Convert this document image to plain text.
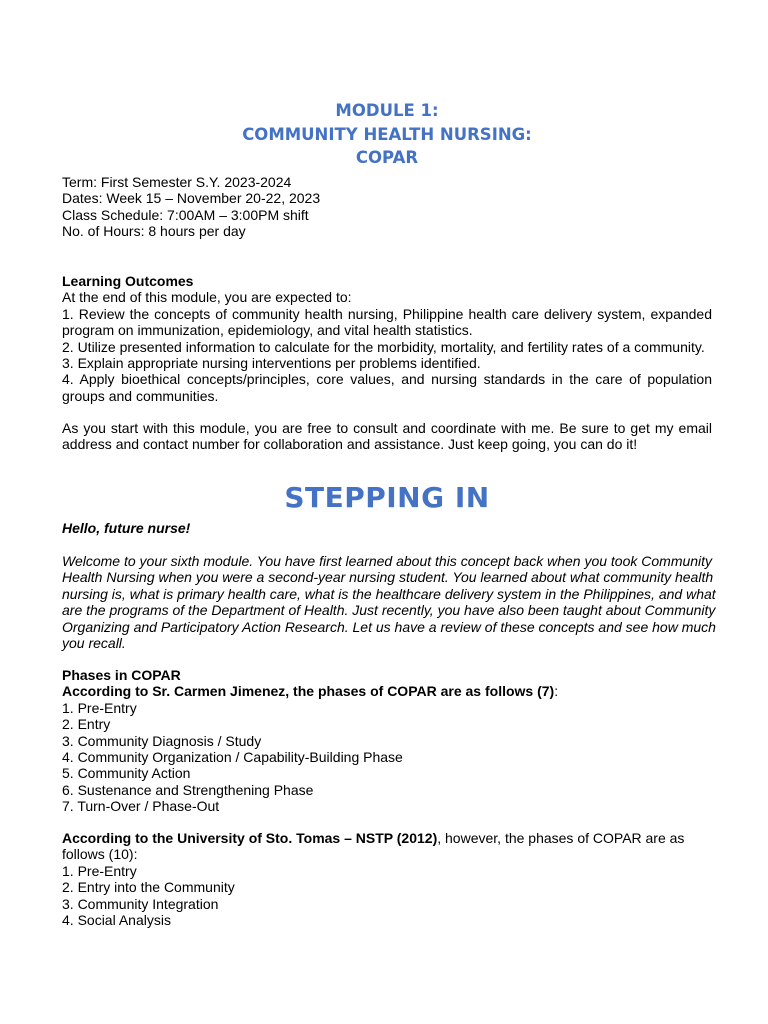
MODULE 1:
COMMUNITY HEALTH NURSING:
COPAR
Term: First Semester S.Y. 2023-2024
Dates: Week 15 – November 20-22, 2023
Class Schedule: 7:00AM – 3:00PM shift
No. of Hours: 8 hours per day
Learning Outcomes
At the end of this module, you are expected to:
1. Review the concepts of community health nursing, Philippine health care delivery system, expanded
program on immunization, epidemiology, and vital health statistics.
2. Utilize presented information to calculate for the morbidity, mortality, and fertility rates of a community.
3. Explain appropriate nursing interventions per problems identified.
4. Apply bioethical concepts/principles, core values, and nursing standards in the care of population
groups and communities.
As you start with this module, you are free to consult and coordinate with me. Be sure to get my email
address and contact number for collaboration and assistance. Just keep going, you can do it!
STEPPING IN
Hello, future nurse!
Welcome to your sixth module. You have first learned about this concept back when you took Community
Health Nursing when you were a second-year nursing student. You learned about what community health
nursing is, what is primary health care, what is the healthcare delivery system in the Philippines, and what
are the programs of the Department of Health. Just recently, you have also been taught about Community
Organizing and Participatory Action Research. Let us have a review of these concepts and see how much
you recall.
Phases in COPAR
According to Sr. Carmen Jimenez, the phases of COPAR are as follows (7):
1. Pre-Entry
2. Entry
3. Community Diagnosis / Study
4. Community Organization / Capability-Building Phase
5. Community Action
6. Sustenance and Strengthening Phase
7. Turn-Over / Phase-Out
According to the University of Sto. Tomas – NSTP (2012), however, the phases of COPAR are as
follows (10):
1. Pre-Entry
2. Entry into the Community
3. Community Integration
4. Social Analysis
